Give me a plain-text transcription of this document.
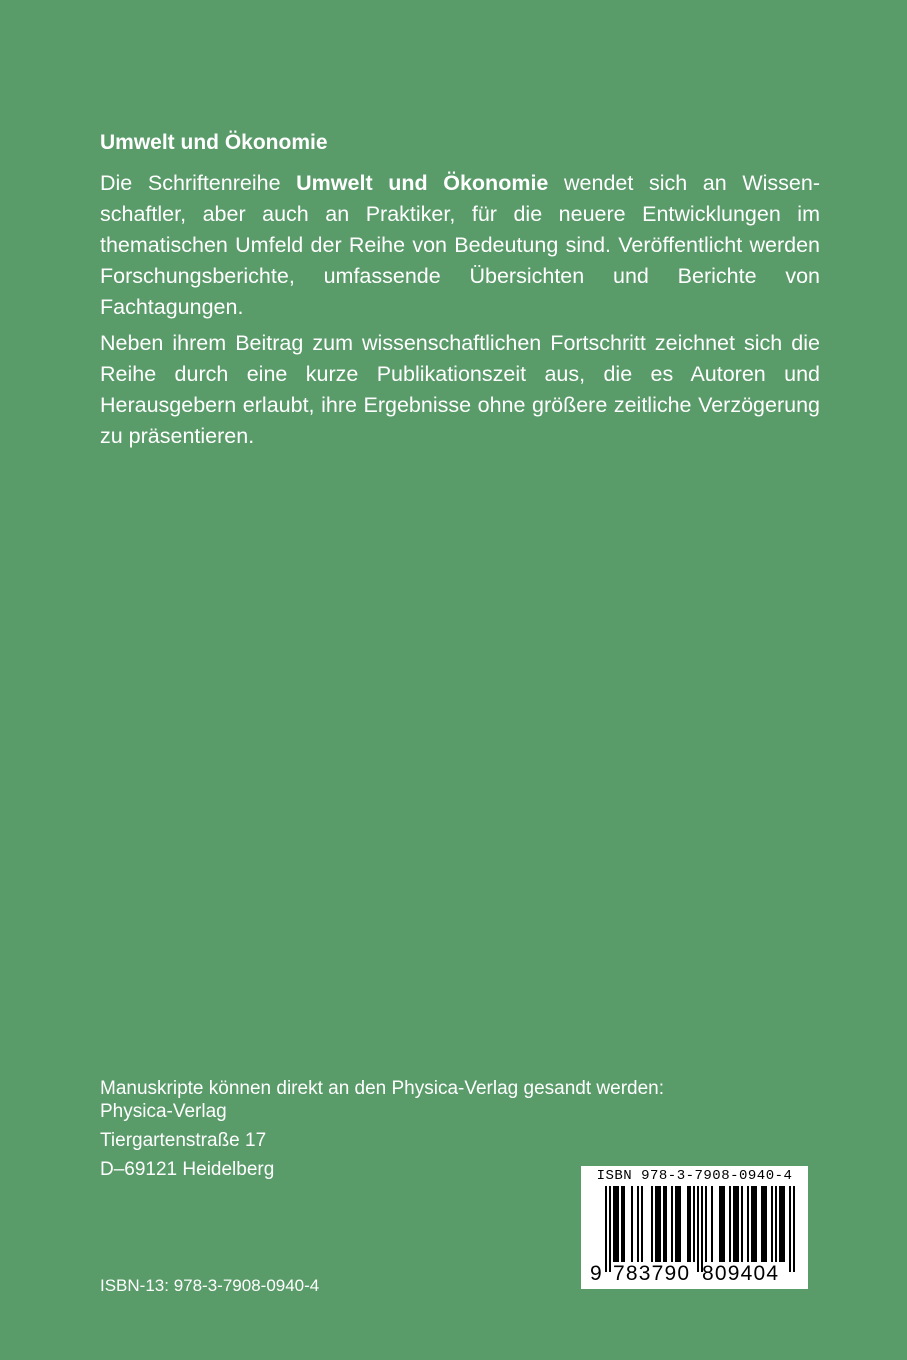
Umwelt und Ökonomie

Die Schriftenreihe Umwelt und Ökonomie wendet sich an Wissenschaftler, aber auch an Praktiker, für die neuere Entwicklungen im thematischen Umfeld der Reihe von Bedeutung sind. Veröffentlicht werden Forschungsberichte, umfassende Übersichten und Berichte von Fachtagungen.

Neben ihrem Beitrag zum wissenschaftlichen Fortschritt zeichnet sich die Reihe durch eine kurze Publikationszeit aus, die es Autoren und Herausgebern erlaubt, ihre Ergebnisse ohne größere zeitliche Verzögerung zu präsentieren.

Manuskripte können direkt an den Physica-Verlag gesandt werden:

Physica-Verlag
Tiergartenstraße 17
D–69121 Heidelberg

ISBN-13: 978-3-7908-0940-4

ISBN 978-3-7908-0940-4
9 783790 809404
